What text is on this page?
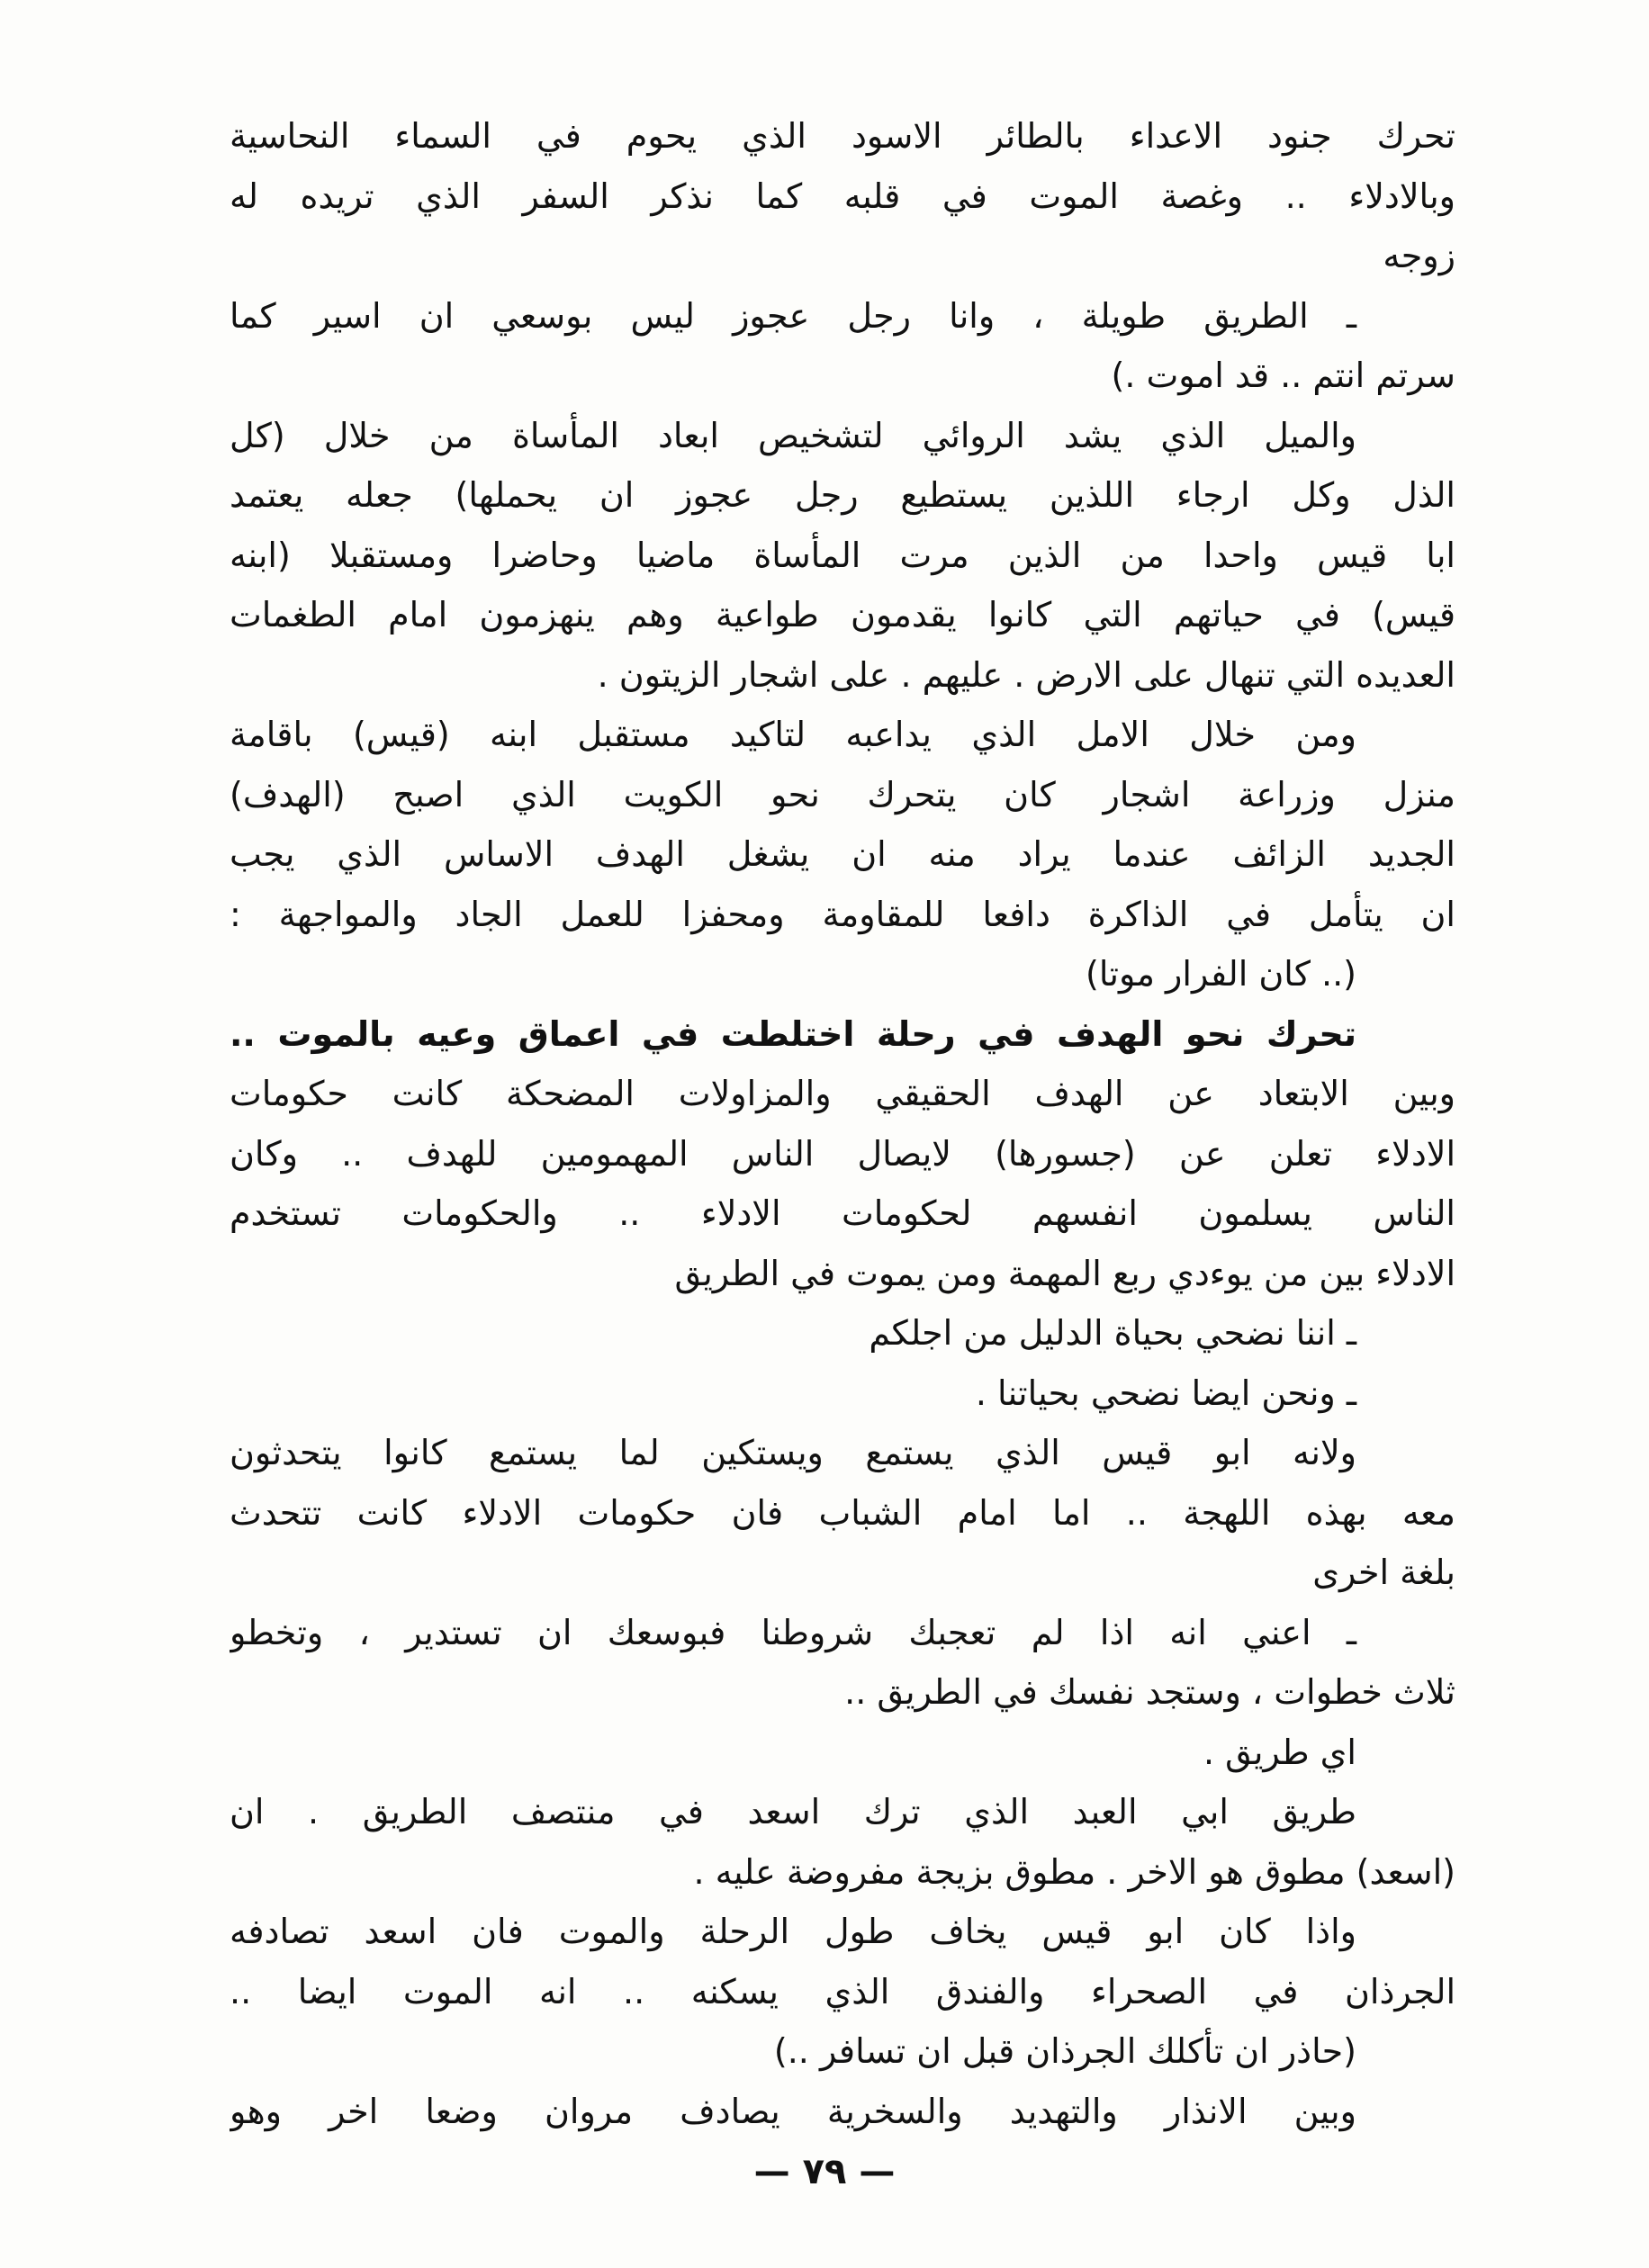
تحرك جنود الاعداء بالطائر الاسود الذي يحوم في السماء النحاسية
وبالادلاء .. وغصة الموت في قلبه كما نذكر السفر الذي تريده له
زوجه
ـ الطريق طويلة ، وانا رجل عجوز ليس بوسعي ان اسير كما
سرتم انتم .. قد اموت .)
والميل الذي يشد الروائي لتشخيص ابعاد المأساة من خلال (كل
الذل وكل ارجاء اللذين يستطيع رجل عجوز ان يحملها) جعله يعتمد
ابا قيس واحدا من الذين مرت المأساة ماضيا وحاضرا ومستقبلا (ابنه
قيس) في حياتهم التي كانوا يقدمون طواعية وهم ينهزمون امام الطغمات
العديده التي تنهال على الارض . عليهم . على اشجار الزيتون .
ومن خلال الامل الذي يداعبه لتاكيد مستقبل ابنه (قيس) باقامة
منزل وزراعة اشجار كان يتحرك نحو الكويت الذي اصبح (الهدف)
الجديد الزائف عندما يراد منه ان يشغل الهدف الاساس الذي يجب
ان يتأمل في الذاكرة دافعا للمقاومة ومحفزا للعمل الجاد والمواجهة :
(.. كان الفرار موتا)
تحرك نحو الهدف في رحلة اختلطت في اعماق وعيه بالموت ..
وبين الابتعاد عن الهدف الحقيقي والمزاولات المضحكة كانت حكومات
الادلاء تعلن عن (جسورها) لايصال الناس المهمومين للهدف .. وكان
الناس يسلمون انفسهم لحكومات الادلاء .. والحكومات تستخدم
الادلاء بين من يوءدي ربع المهمة ومن يموت في الطريق
ـ اننا نضحي بحياة الدليل من اجلكم
ـ ونحن ايضا نضحي بحياتنا .
ولانه ابو قيس الذي يستمع ويستكين لما يستمع كانوا يتحدثون
معه بهذه اللهجة .. اما امام الشباب فان حكومات الادلاء كانت تتحدث
بلغة اخرى
ـ اعني انه اذا لم تعجبك شروطنا فبوسعك ان تستدير ، وتخطو
ثلاث خطوات ، وستجد نفسك في الطريق ..
اي طريق .
طريق ابي العبد الذي ترك اسعد في منتصف الطريق . ان
(اسعد) مطوق هو الاخر . مطوق بزيجة مفروضة عليه .
واذا كان ابو قيس يخاف طول الرحلة والموت فان اسعد تصادفه
الجرذان في الصحراء والفندق الذي يسكنه .. انه الموت ايضا ..
(حاذر ان تأكلك الجرذان قبل ان تسافر ..)
وبين الانذار والتهديد والسخرية يصادف مروان وضعا اخر وهو
— ٧٩ —
